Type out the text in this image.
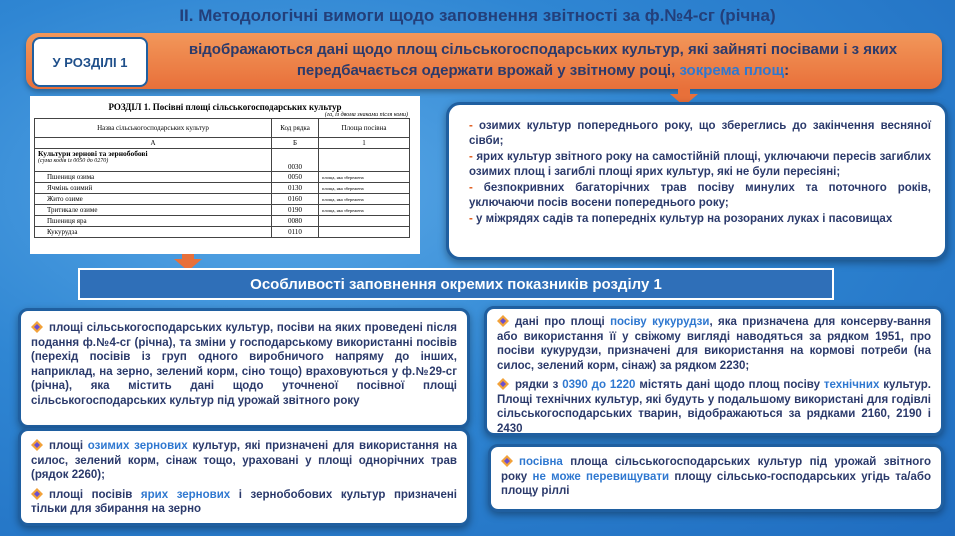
ІІ. Методологічні вимоги щодо заповнення звітності за ф.№4-сг (річна)
У РОЗДІЛІ 1
відображаються дані щодо площ сільськогосподарських культур, які зайняті посівами і з яких передбачається одержати врожай у звітному році, зокрема площ:
РОЗДІЛ 1. Посівні площі сільськогосподарських культур
(га, із двома знаками після коми)
Назва сільськогосподарських культур	Код рядка	Площа посівна
А	Б	1

Культури зернові та зернобобові
(сума кодів із 0050 до 0270)	0030	
Пшениця озима	0050	площа, яка збережена
Ячмінь озимий	0130	площа, яка збережена
Жито озиме	0160	площа, яка збережена
Тритикале озиме	0190	площа, яка збережена
Пшениця яра	0080	
Кукурудза	0110	

- озимих культур попереднього року, що збереглись до закінчення весняної сівби;

- ярих культур звітного року на самостійній площі, уключаючи пересів загиблих озимих площ і загиблі площі ярих культур, які не були пересіяні;

- безпокривних багаторічних трав посіву минулих та поточного років, уключаючи посів восени попереднього року;

- у міжрядях садів та попередніх культур на розораних луках і пасовищах

Особливості заповнення окремих показників розділу 1

площі сільськогосподарських культур, посіви на яких проведені після подання ф.№4-сг (річна), та зміни у господарському використанні посівів (перехід посівів із груп одного виробничого напряму до інших, наприклад, на зерно, зелений корм, сіно тощо) враховуються у ф.№29-сг (річна), яка містить дані щодо уточненої посівної площі сільськогосподарських культур під урожай звітного року

площі озимих зернових культур, які призначені для використання на силос, зелений корм, сінаж тощо, ураховані у площі однорічних трав (рядок 2260);

площі посівів ярих зернових і зернобобових культур призначені тільки для збирання на зерно

дані про площі посіву кукурудзи, яка призначена для консерву-вання або використання її у свіжому вигляді наводяться за рядком 1951, про посіви кукурудзи, призначені для використання на кормові потреби (на силос, зелений корм, сінаж) за рядком 2230;

рядки з 0390 до 1220 містять дані щодо площ посіву технічних культур. Площі технічних культур, які будуть у подальшому використані для годівлі сільськогосподарських тварин, відображаються за рядками 2160, 2190 і 2430

посівна площа сільськогосподарських культур під урожай звітного року не може перевищувати площу сільсько-господарських угідь та/або площу ріллі
